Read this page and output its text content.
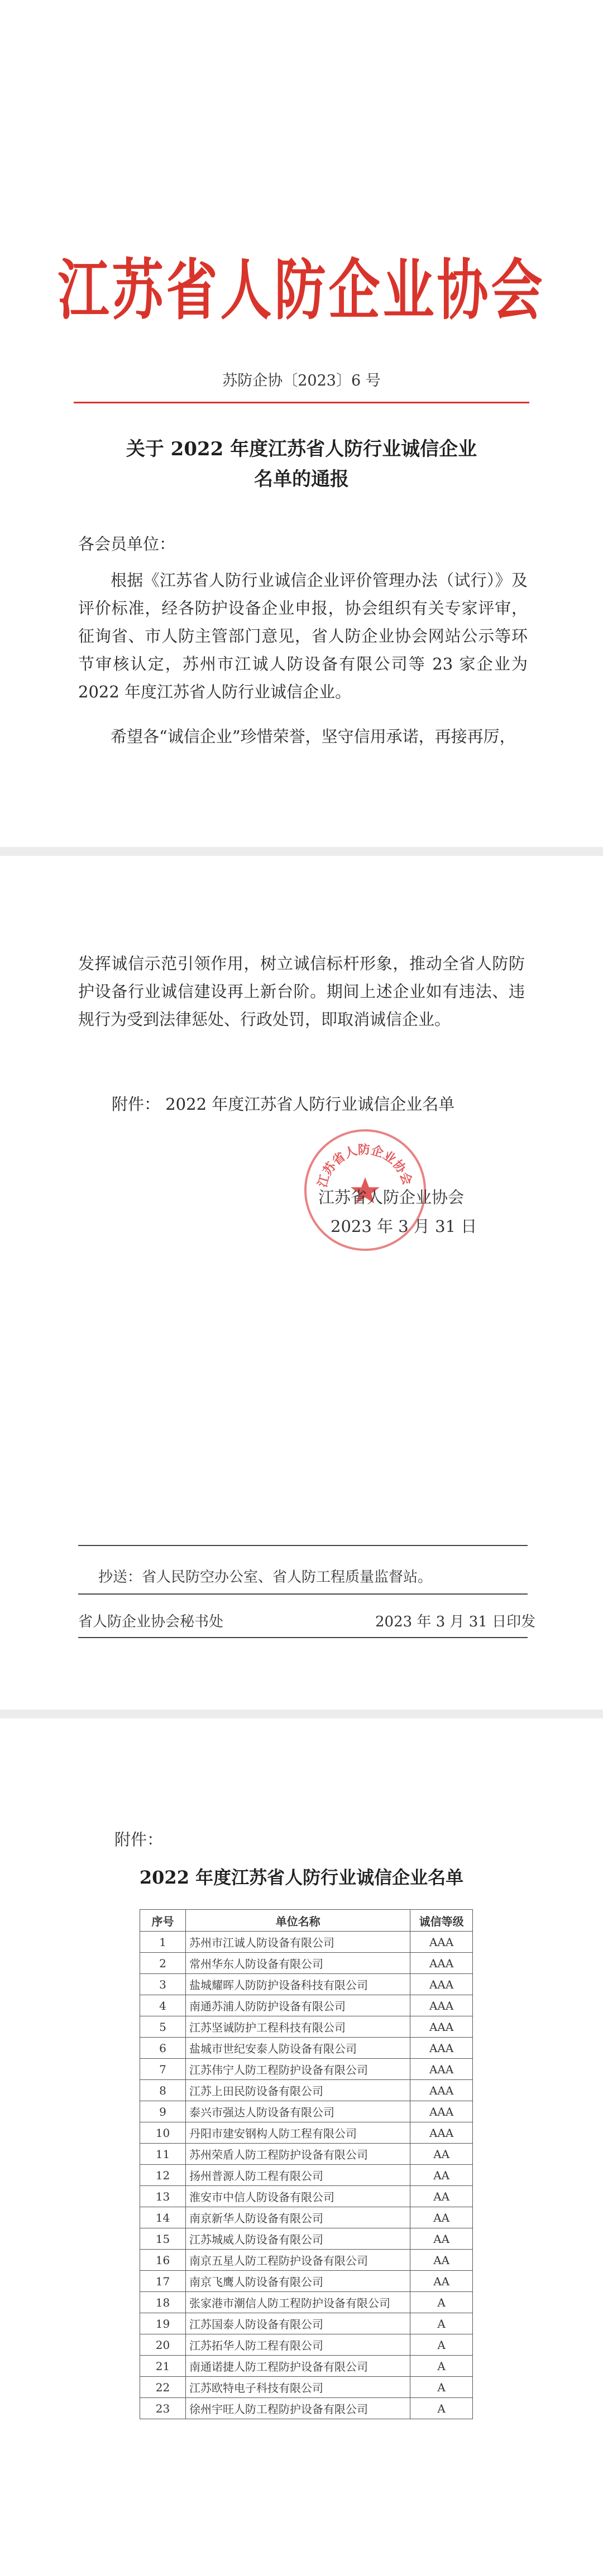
江苏省人防企业协会
苏防企协〔2023〕6 号
关于 2022 年度江苏省人防行业诚信企业
名单的通报
各会员单位：
根据《江苏省人防行业诚信企业评价管理办法（试行）》及评价标准，经各防护设备企业申报，协会组织有关专家评审，征询省、市人防主管部门意见，省人防企业协会网站公示等环节审核认定，苏州市江诚人防设备有限公司等 23 家企业为 2022 年度江苏省人防行业诚信企业。
希望各“诚信企业”珍惜荣誉，坚守信用承诺，再接再厉，
发挥诚信示范引领作用，树立诚信标杆形象，推动全省人防防护设备行业诚信建设再上新台阶。期间上述企业如有违法、违规行为受到法律惩处、行政处罚，即取消诚信企业。
附件： 2022 年度江苏省人防行业诚信企业名单
江苏省人防企业协会
江苏省人防企业协会
2023 年 3 月 31 日
抄送：省人民防空办公室、省人防工程质量监督站。
省人防企业协会秘书处	2023 年 3 月 31 日印发
附件：
2022 年度江苏省人防行业诚信企业名单
序号	单位名称	诚信等级
1	苏州市江诚人防设备有限公司	AAA
2	常州华东人防设备有限公司	AAA
3	盐城耀晖人防防护设备科技有限公司	AAA
4	南通苏浦人防防护设备有限公司	AAA
5	江苏坚诚防护工程科技有限公司	AAA
6	盐城市世纪安泰人防设备有限公司	AAA
7	江苏伟宁人防工程防护设备有限公司	AAA
8	江苏上田民防设备有限公司	AAA
9	泰兴市强达人防设备有限公司	AAA
10	丹阳市建安钢构人防工程有限公司	AAA
11	苏州荣盾人防工程防护设备有限公司	AA
12	扬州普源人防工程有限公司	AA
13	淮安市中信人防设备有限公司	AA
14	南京新华人防设备有限公司	AA
15	江苏城威人防设备有限公司	AA
16	南京五星人防工程防护设备有限公司	AA
17	南京飞鹰人防设备有限公司	AA
18	张家港市潮信人防工程防护设备有限公司	A
19	江苏国泰人防设备有限公司	A
20	江苏拓华人防工程有限公司	A
21	南通诺捷人防工程防护设备有限公司	A
22	江苏欧特电子科技有限公司	A
23	徐州宇旺人防工程防护设备有限公司	A
